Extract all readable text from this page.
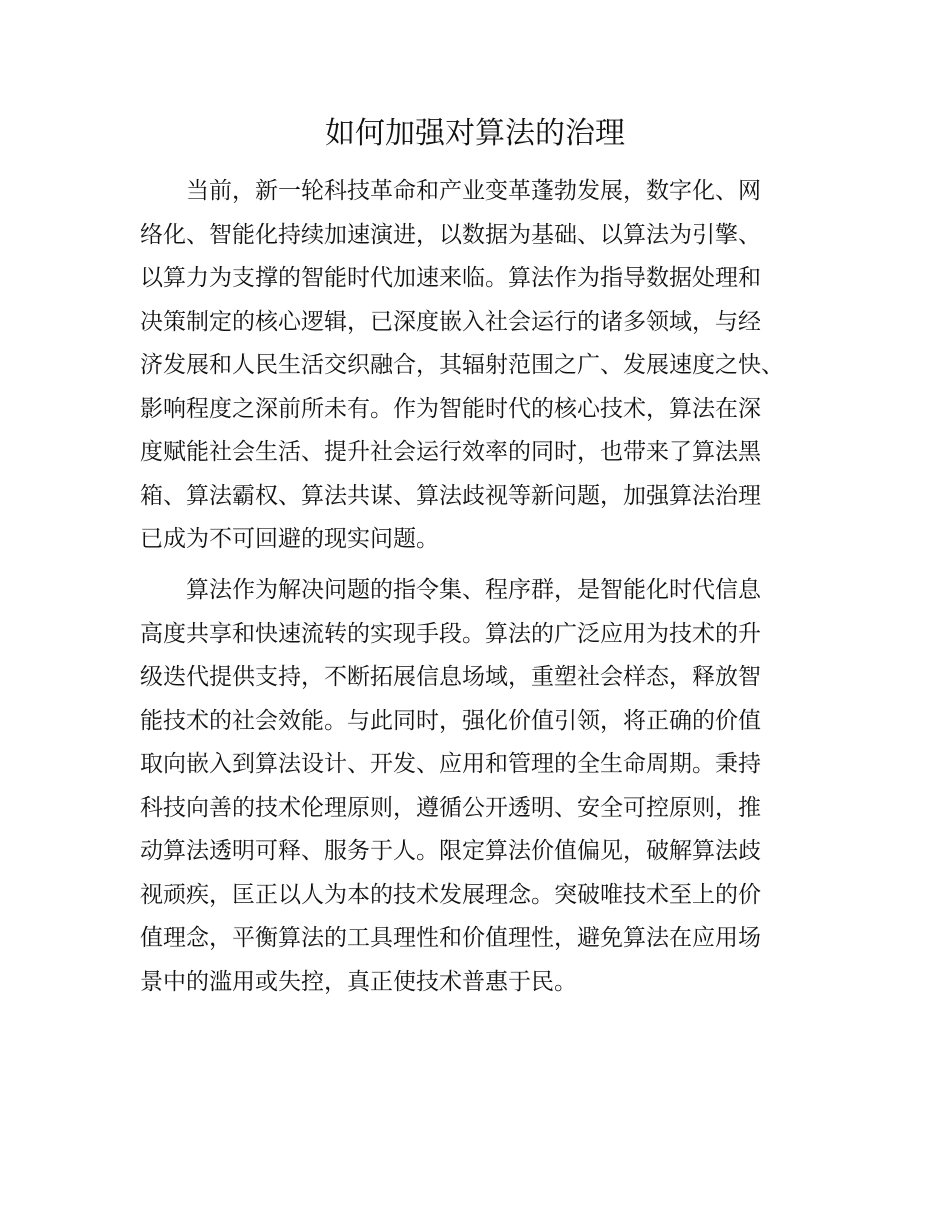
如何加强对算法的治理
当前，新一轮科技革命和产业变革蓬勃发展，数字化、网
络化、智能化持续加速演进，以数据为基础、以算法为引擎、
以算力为支撑的智能时代加速来临。算法作为指导数据处理和
决策制定的核心逻辑，已深度嵌入社会运行的诸多领域，与经
济发展和人民生活交织融合，其辐射范围之广、发展速度之快、
影响程度之深前所未有。作为智能时代的核心技术，算法在深
度赋能社会生活、提升社会运行效率的同时，也带来了算法黑
箱、算法霸权、算法共谋、算法歧视等新问题，加强算法治理
已成为不可回避的现实问题。
算法作为解决问题的指令集、程序群，是智能化时代信息
高度共享和快速流转的实现手段。算法的广泛应用为技术的升
级迭代提供支持，不断拓展信息场域，重塑社会样态，释放智
能技术的社会效能。与此同时，强化价值引领，将正确的价值
取向嵌入到算法设计、开发、应用和管理的全生命周期。秉持
科技向善的技术伦理原则，遵循公开透明、安全可控原则，推
动算法透明可释、服务于人。限定算法价值偏见，破解算法歧
视顽疾，匡正以人为本的技术发展理念。突破唯技术至上的价
值理念，平衡算法的工具理性和价值理性，避免算法在应用场
景中的滥用或失控，真正使技术普惠于民。
